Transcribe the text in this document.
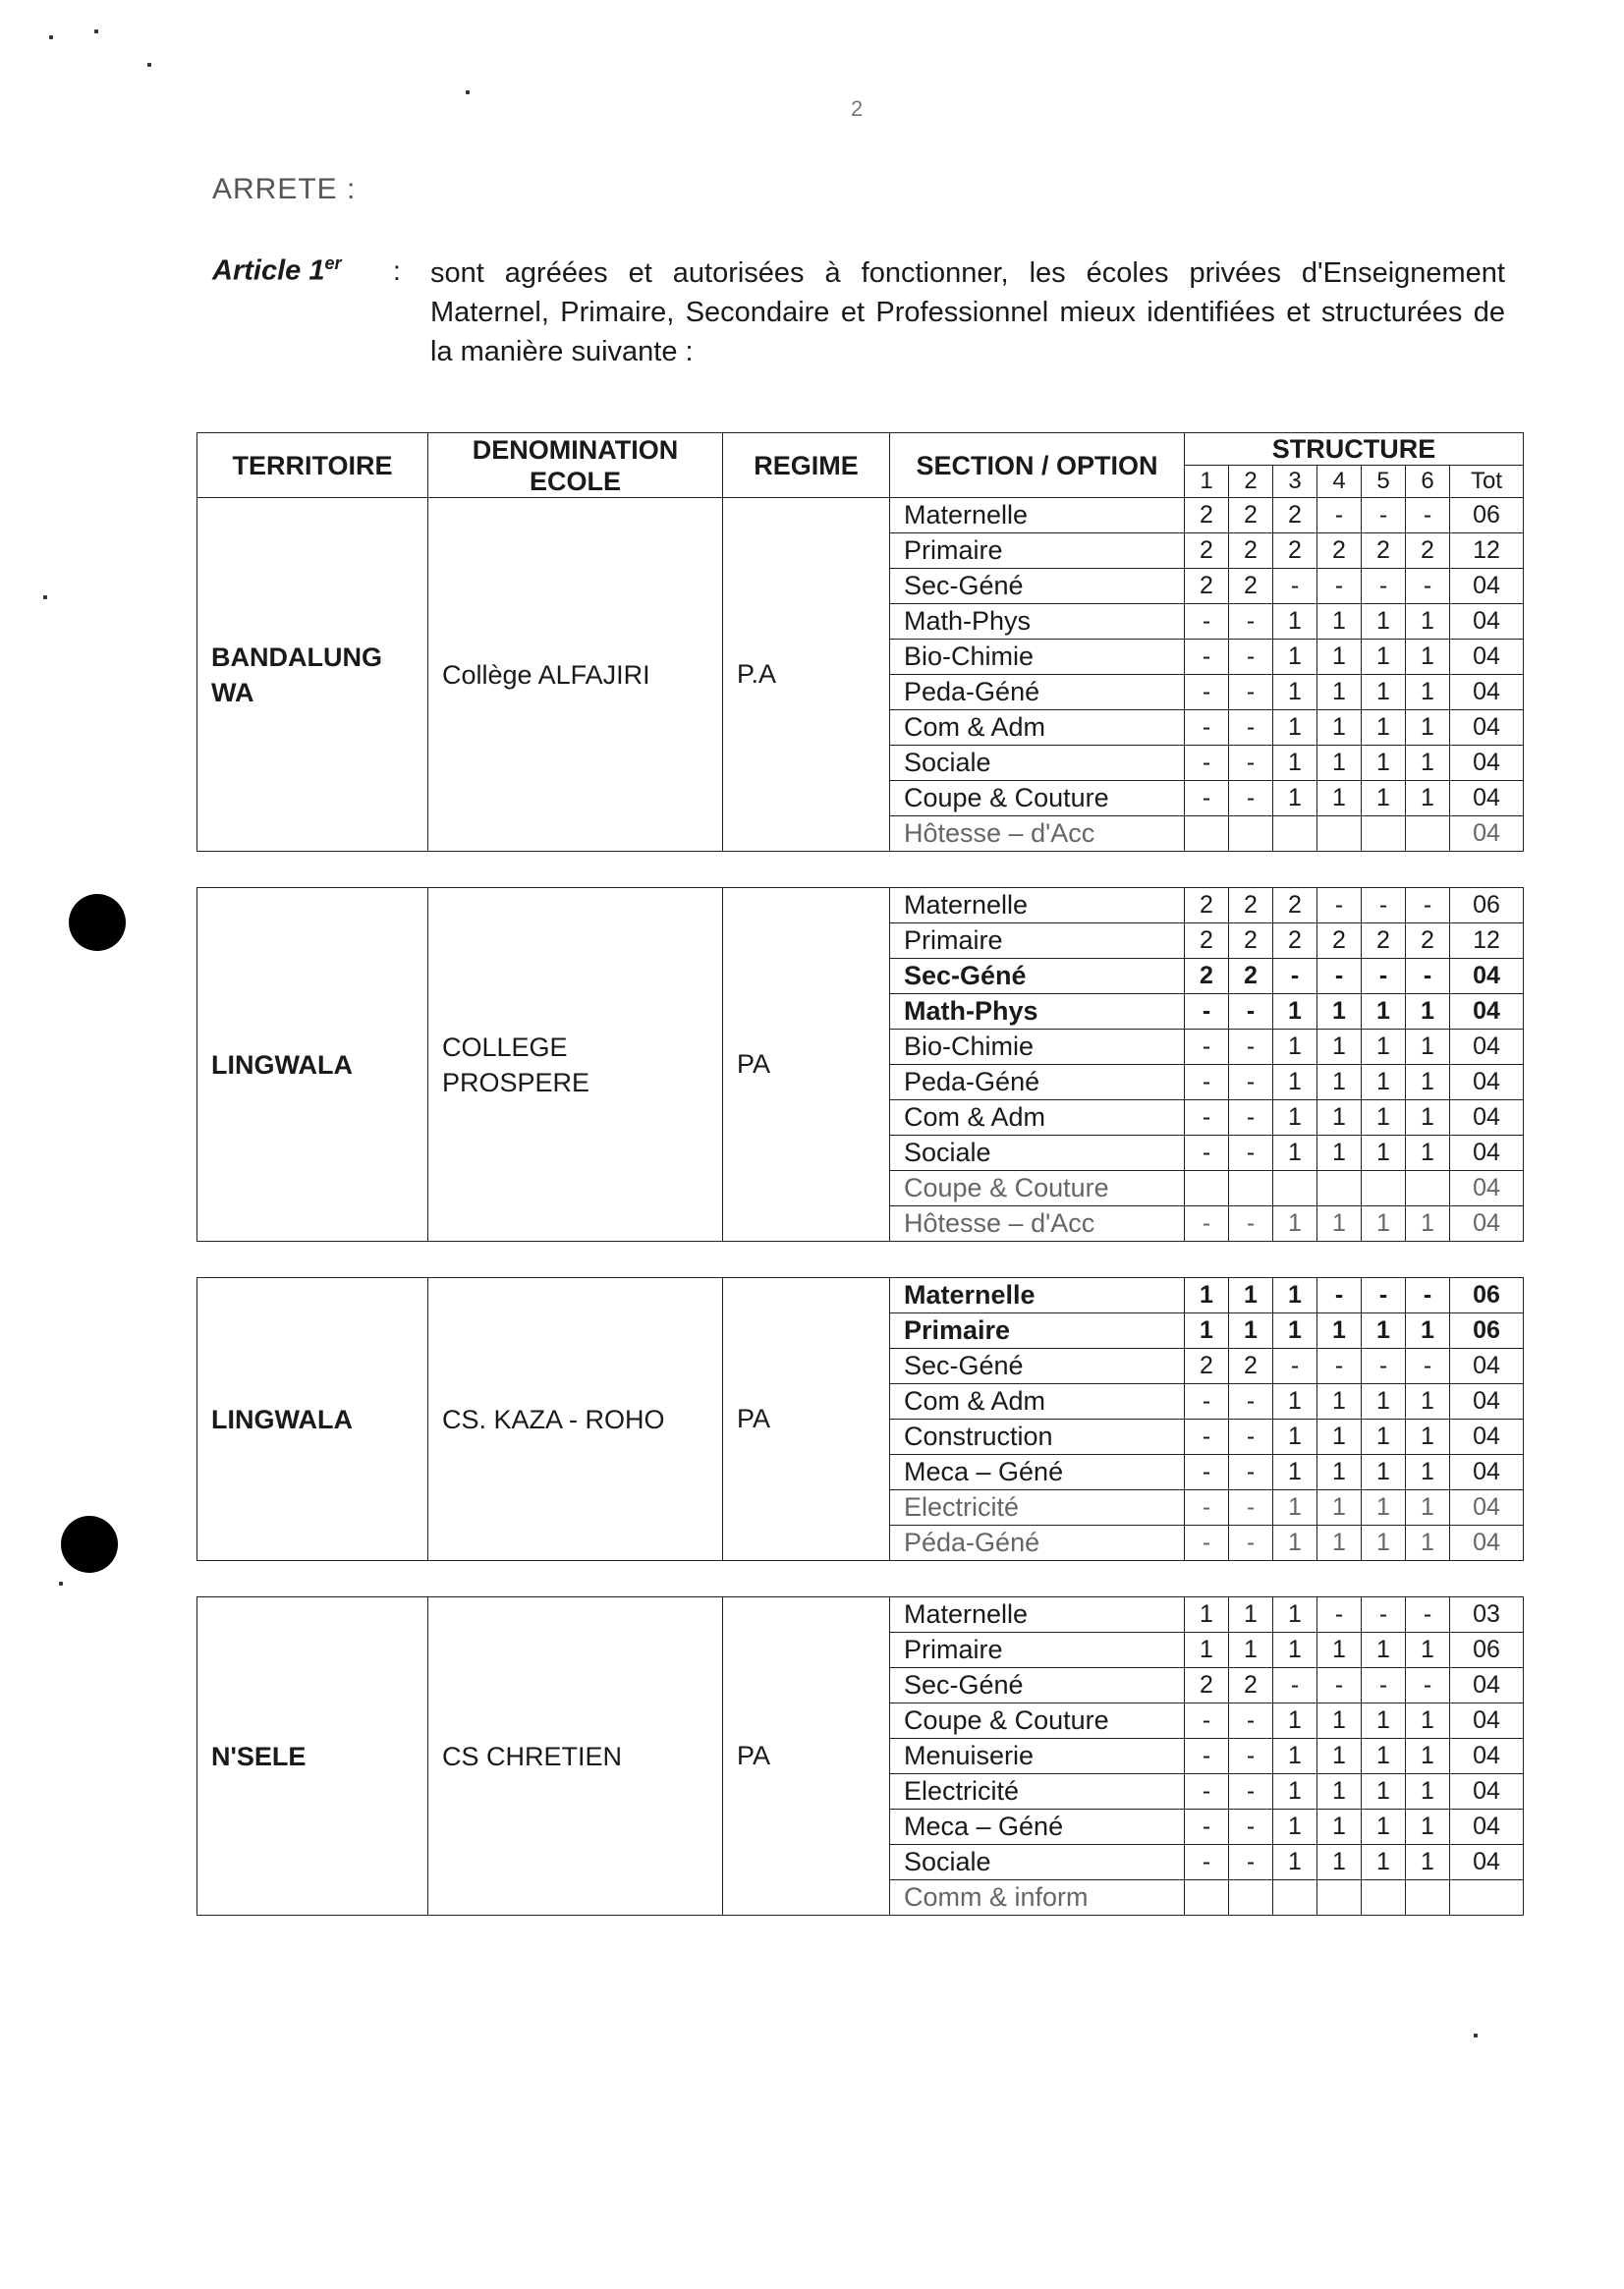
2
ARRETE :
Article 1er : sont agréées et autorisées à fonctionner, les écoles privées d'Enseignement Maternel, Primaire, Secondaire et Professionnel mieux identifiées et structurées de la manière suivante :
TERRITOIRE	DENOMINATION ECOLE	REGIME	SECTION / OPTION	STRUCTURE						
				1	2	3	4	5	6	Tot
BANDALUNG WA	Collège ALFAJIRI	P.A	Maternelle	2	2	2	-	-	-	06
			Primaire	2	2	2	2	2	2	12
			Sec-Géné	2	2	-	-	-	-	04
			Math-Phys	-	-	1	1	1	1	04
			Bio-Chimie	-	-	1	1	1	1	04
			Peda-Géné	-	-	1	1	1	1	04
			Com & Adm	-	-	1	1	1	1	04
			Sociale	-	-	1	1	1	1	04
			Coupe & Couture	-	-	1	1	1	1	04
			Hôtesse – d'Acc							04

LINGWALA	COLLEGE PROSPERE	PA	Maternelle	2	2	2	-	-	-	06
			Primaire	2	2	2	2	2	2	12
			Sec-Géné	2	2	-	-	-	-	04
			Math-Phys	-	-	1	1	1	1	04
			Bio-Chimie	-	-	1	1	1	1	04
			Peda-Géné	-	-	1	1	1	1	04
			Com & Adm	-	-	1	1	1	1	04
			Sociale	-	-	1	1	1	1	04
			Coupe & Couture							04
			Hôtesse – d'Acc	-	-	1	1	1	1	04

LINGWALA	CS. KAZA - ROHO	PA	Maternelle	1	1	1	-	-	-	06
			Primaire	1	1	1	1	1	1	06
			Sec-Géné	2	2	-	-	-	-	04
			Com & Adm	-	-	1	1	1	1	04
			Construction	-	-	1	1	1	1	04
			Meca – Géné	-	-	1	1	1	1	04
			Electricité	-	-	1	1	1	1	04
			Péda-Géné	-	-	1	1	1	1	04

N'SELE	CS CHRETIEN	PA	Maternelle	1	1	1	-	-	-	03
			Primaire	1	1	1	1	1	1	06
			Sec-Géné	2	2	-	-	-	-	04
			Coupe & Couture	-	-	1	1	1	1	04
			Menuiserie	-	-	1	1	1	1	04
			Electricité	-	-	1	1	1	1	04
			Meca – Géné	-	-	1	1	1	1	04
			Sociale	-	-	1	1	1	1	04
			Comm & inform							
